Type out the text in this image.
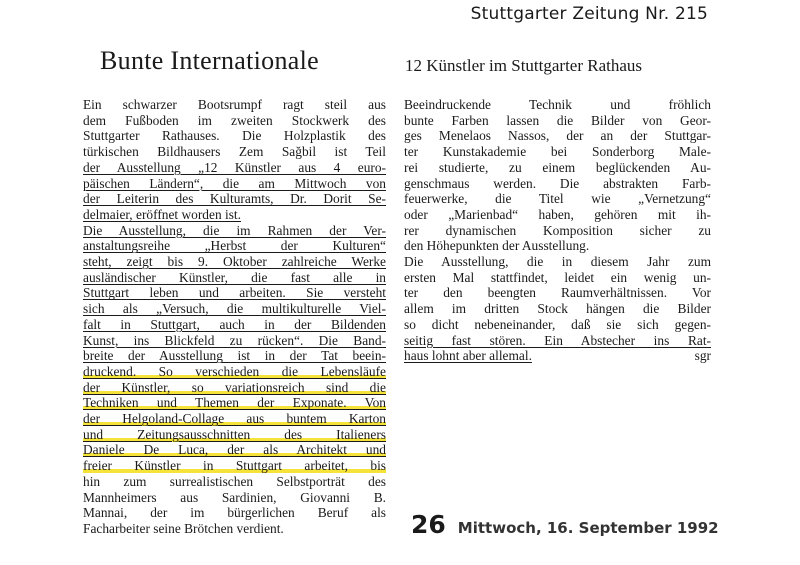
Stuttgarter Zeitung Nr. 215
Bunte Internationale	12 Künstler im Stuttgarter Rathaus
Ein schwarzer Bootsrumpf ragt steil aus
dem Fußboden im zweiten Stockwerk des
Stuttgarter Rathauses. Die Holzplastik des
türkischen Bildhausers Zem Sağbil ist Teil
der Ausstellung „12 Künstler aus 4 euro-
päischen Ländern“, die am Mittwoch von
der Leiterin des Kulturamts, Dr. Dorit Se-
delmaier, eröffnet worden ist.
Die Ausstellung, die im Rahmen der Ver-
anstaltungsreihe „Herbst der Kulturen“
steht, zeigt bis 9. Oktober zahlreiche Werke
ausländischer Künstler, die fast alle in
Stuttgart leben und arbeiten. Sie versteht
sich als „Versuch, die multikulturelle Viel-
falt in Stuttgart, auch in der Bildenden
Kunst, ins Blickfeld zu rücken“. Die Band-
breite der Ausstellung ist in der Tat beein-
druckend. So verschieden die Lebensläufe
der Künstler, so variationsreich sind die
Techniken und Themen der Exponate. Von
der Helgoland-Collage aus buntem Karton
und Zeitungsausschnitten des Italieners
Daniele De Luca, der als Architekt und
freier Künstler in Stuttgart arbeitet, bis
hin zum surrealistischen Selbstporträt des
Mannheimers aus Sardinien, Giovanni B.
Mannai, der im bürgerlichen Beruf als
Facharbeiter seine Brötchen verdient.
Beeindruckende Technik und fröhlich
bunte Farben lassen die Bilder von Geor-
ges Menelaos Nassos, der an der Stuttgar-
ter Kunstakademie bei Sonderborg Male-
rei studierte, zu einem beglückenden Au-
genschmaus werden. Die abstrakten Farb-
feuerwerke, die Titel wie „Vernetzung“
oder „Marienbad“ haben, gehören mit ih-
rer dynamischen Komposition sicher zu
den Höhepunkten der Ausstellung.
Die Ausstellung, die in diesem Jahr zum
ersten Mal stattfindet, leidet ein wenig un-
ter den beengten Raumverhältnissen. Vor
allem im dritten Stock hängen die Bilder
so dicht nebeneinander, daß sie sich gegen-
seitig fast stören. Ein Abstecher ins Rat-
haus lohnt aber allemal.	sgr
26 Mittwoch, 16. September 1992
